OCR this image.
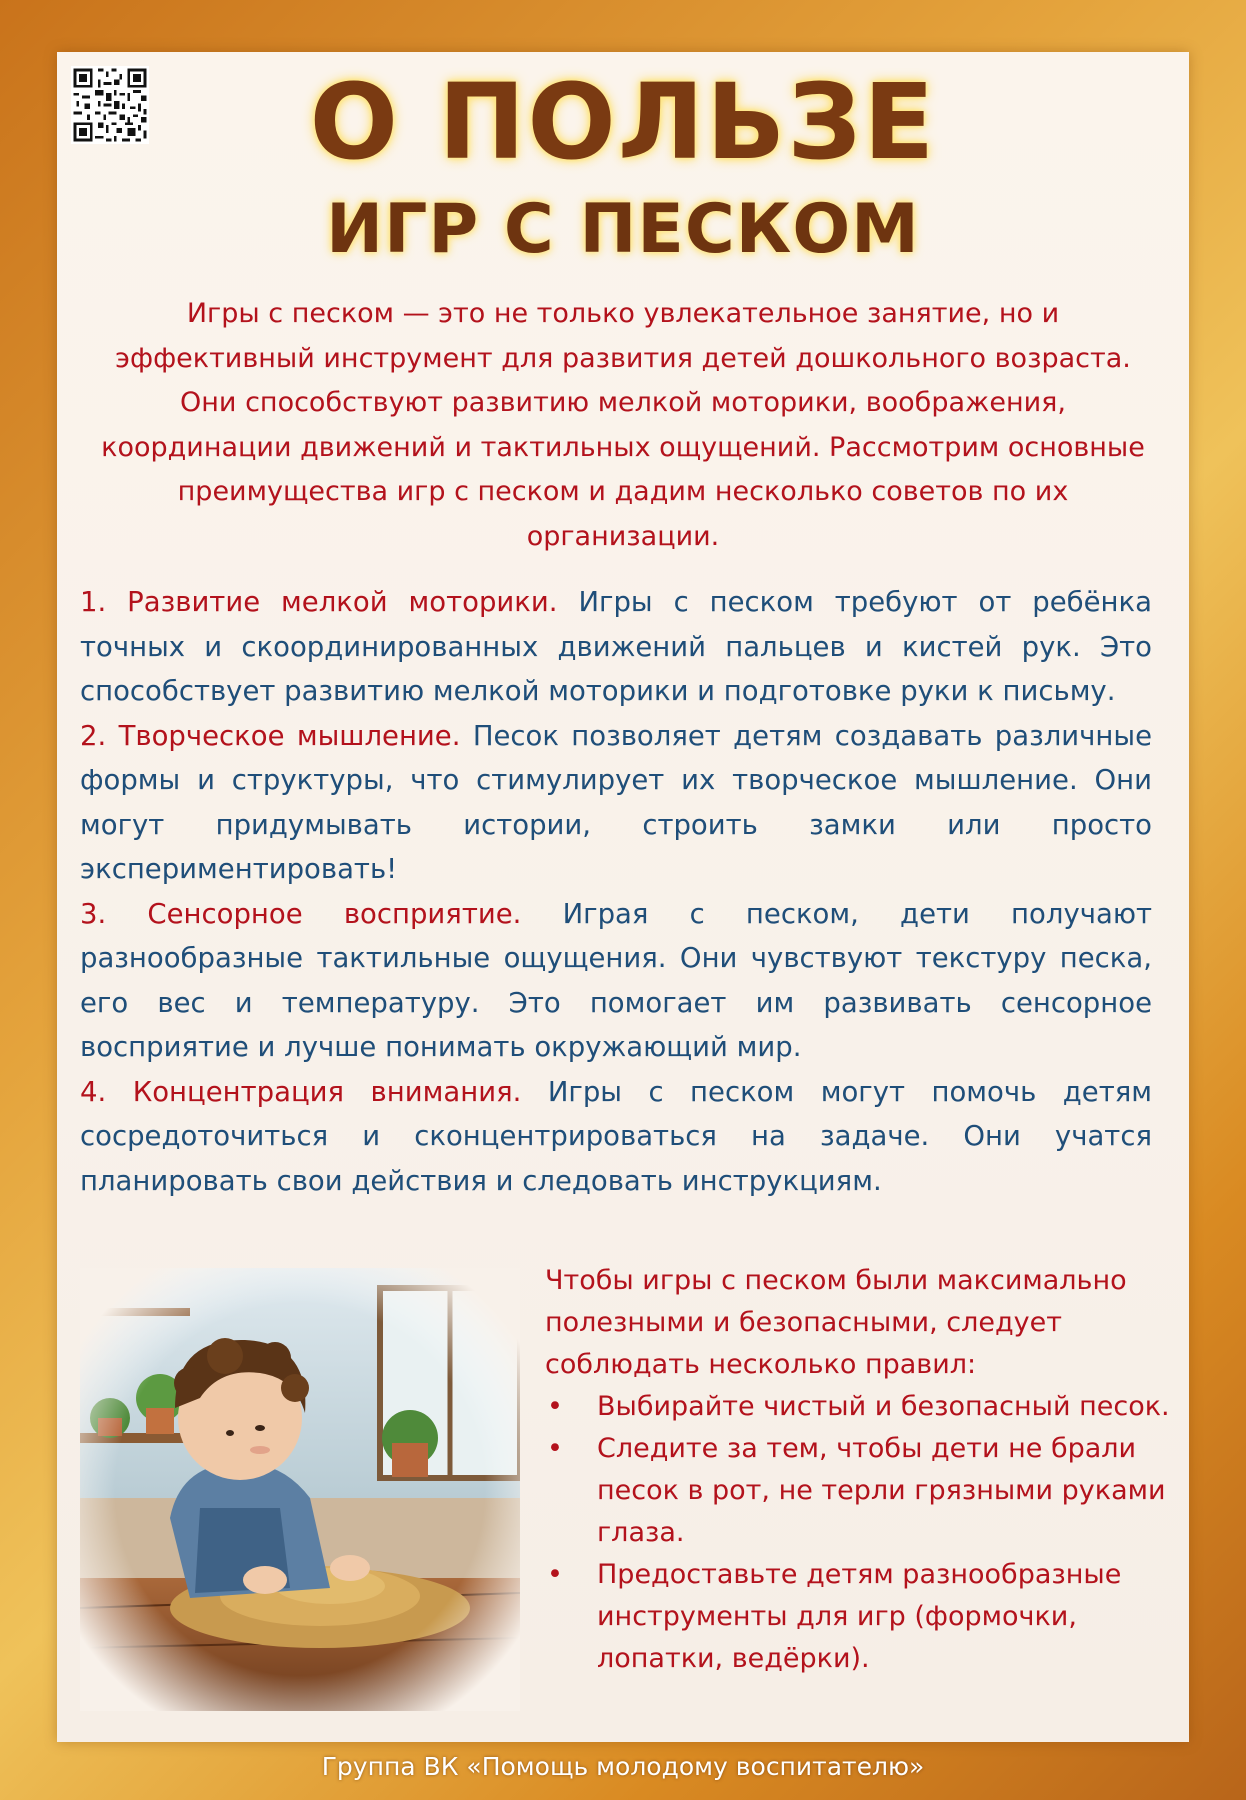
О ПОЛЬЗЕ
ИГР С ПЕСКОМ
Игры с песком — это не только увлекательное занятие, но и эффективный инструмент для развития детей дошкольного возраста. Они способствуют развитию мелкой моторики, воображения, координации движений и тактильных ощущений. Рассмотрим основные преимущества игр с песком и дадим несколько советов по их организации.

1. Развитие мелкой моторики. Игры с песком требуют от ребёнка точных и скоординированных движений пальцев и кистей рук. Это способствует развитию мелкой моторики и подготовке руки к письму.

2. Творческое мышление. Песок позволяет детям создавать различные формы и структуры, что стимулирует их творческое мышление. Они могут придумывать истории, строить замки или просто экспериментировать!

3. Сенсорное восприятие. Играя с песком, дети получают разнообразные тактильные ощущения. Они чувствуют текстуру песка, его вес и температуру. Это помогает им развивать сенсорное восприятие и лучше понимать окружающий мир.

4. Концентрация внимания. Игры с песком могут помочь детям сосредоточиться и сконцентрироваться на задаче. Они учатся планировать свои действия и следовать инструкциям.

Чтобы игры с песком были максимально полезными и безопасными, следует соблюдать несколько правил:

• Выбирайте чистый и безопасный песок.
• Следите за тем, чтобы дети не брали песок в рот, не терли грязными руками глаза.
• Предоставьте детям разнообразные инструменты для игр (формочки, лопатки, ведёрки).
Группа ВК «Помощь молодому воспитателю»
